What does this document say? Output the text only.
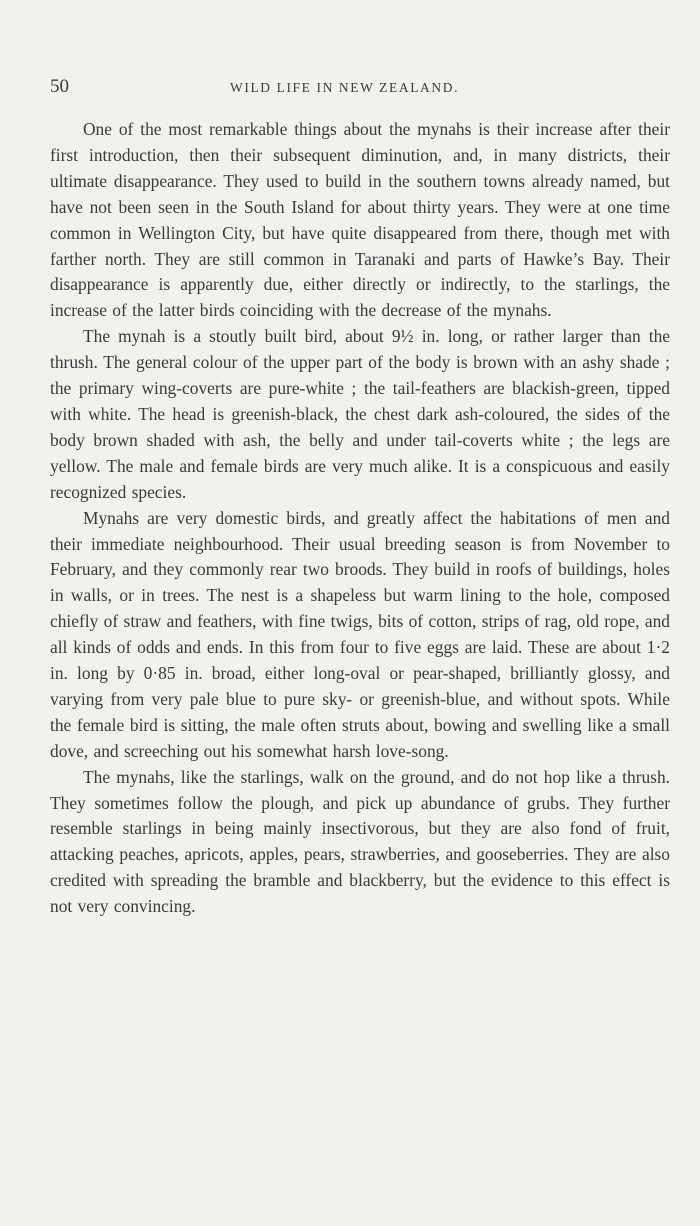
50	WILD LIFE IN NEW ZEALAND.

One of the most remarkable things about the mynahs is their increase after their first introduction, then their subsequent diminution, and, in many districts, their ultimate disappearance. They used to build in the southern towns already named, but have not been seen in the South Island for about thirty years. They were at one time common in Wellington City, but have quite disappeared from there, though met with farther north. They are still common in Taranaki and parts of Hawke’s Bay. Their disappearance is apparently due, either directly or indirectly, to the starlings, the increase of the latter birds coinciding with the decrease of the mynahs.

The mynah is a stoutly built bird, about 9½ in. long, or rather larger than the thrush. The general colour of the upper part of the body is brown with an ashy shade ; the primary wing-coverts are pure-white ; the tail-feathers are blackish-green, tipped with white. The head is greenish-black, the chest dark ash-coloured, the sides of the body brown shaded with ash, the belly and under tail-coverts white ; the legs are yellow. The male and female birds are very much alike. It is a conspicuous and easily recognized species.

Mynahs are very domestic birds, and greatly affect the habitations of men and their immediate neighbourhood. Their usual breeding season is from November to February, and they commonly rear two broods. They build in roofs of buildings, holes in walls, or in trees. The nest is a shapeless but warm lining to the hole, composed chiefly of straw and feathers, with fine twigs, bits of cotton, strips of rag, old rope, and all kinds of odds and ends. In this from four to five eggs are laid. These are about 1·2 in. long by 0·85 in. broad, either long-oval or pear-shaped, brilliantly glossy, and varying from very pale blue to pure sky- or greenish-blue, and without spots. While the female bird is sitting, the male often struts about, bowing and swelling like a small dove, and screeching out his somewhat harsh love-song.

The mynahs, like the starlings, walk on the ground, and do not hop like a thrush. They sometimes follow the plough, and pick up abundance of grubs. They further resemble starlings in being mainly insectivorous, but they are also fond of fruit, attacking peaches, apricots, apples, pears, strawberries, and gooseberries. They are also credited with spreading the bramble and blackberry, but the evidence to this effect is not very convincing.
